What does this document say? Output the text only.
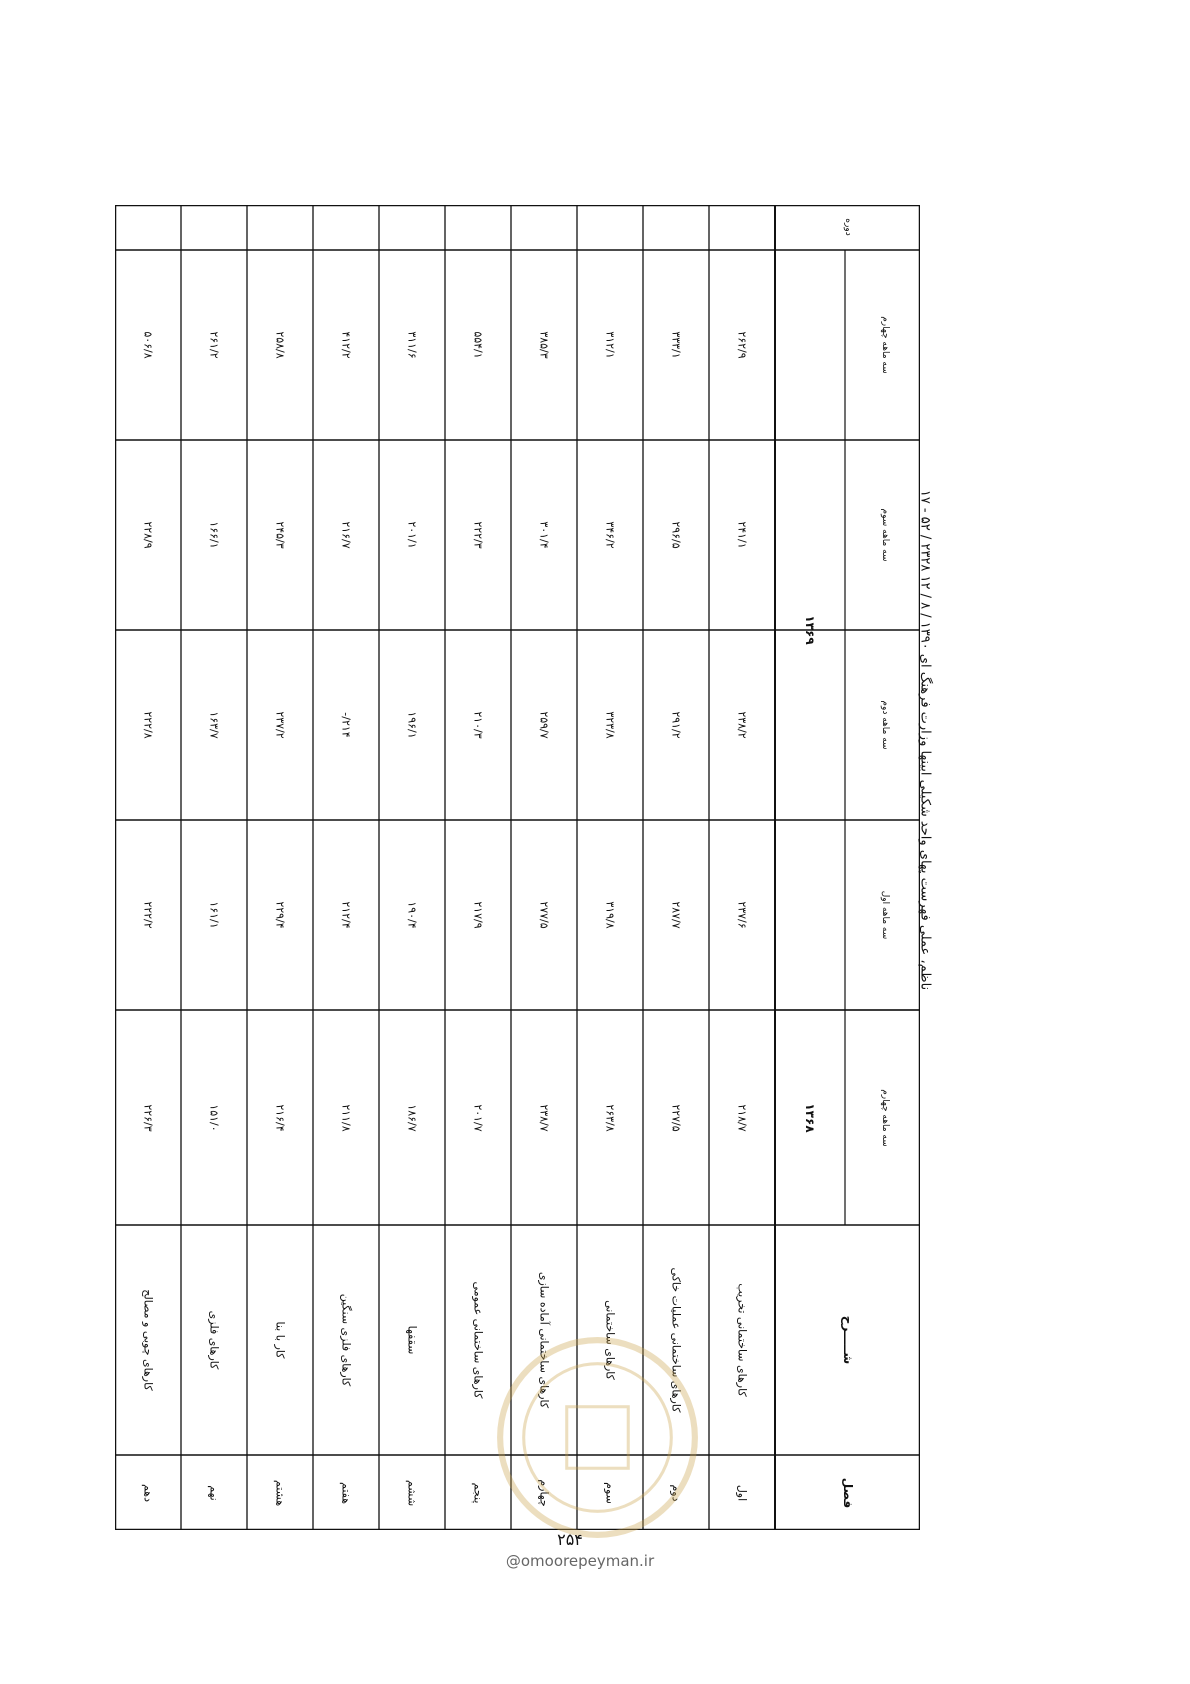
ناظم، عملی فهرست پهای واحد شکیلی ابینها وزارت فرهنگ ای ۱۳۹۰ / ۸ / ۱۲ ۲۳۲۸ / ۵۲ - ۱۷
فصل
شـــــرح
۱۳۶۸
۱۳۶۹
دوره
سه ماهه چهارم
سه ماهه اول
سه ماهه دوم
سه ماهه سوم
سه ماهه چهارم
اول
کارهای ساختمانی تخریب
۲۱۸/۷
۲۳۷/۶
۲۳۸/۲
۲۴۱/۱
۲۶۲/۹
دوم
کارهای ساختمانی عملیات خاکی
۲۲۷/۵
۲۸۷/۷
۲۹۱/۲
۲۹۶/۵
۳۳۳/۱
سوم
کارهای ساختمانی
۲۶۳/۸
۳۱۹/۸
۳۲۳/۸
۳۴۶/۲
۳۱۲/۱
چهارم
کارهای ساختمانی آماده سازی
۲۳۸/۷
۲۷۷/۵
۲۵۹/۷
۳۰۱/۴
۳۸۵/۳
پنجم
کارهای ساختمانی عمومی
۲۰۱/۷
۲۱۷/۹
۲۱۰/۳
۲۲۲/۳
۵۵۴/۱
ششم
سقفها
۱۸۶/۷
۱۹۰/۴
۱۹۶/۱
۲۰۱/۱
۳۱۱/۶
هفتم
کارهای فلزی سنگین
۲۱۱/۸
۲۱۲/۴
۲۱۴/-
۲۱۶/۷
۴۱۲/۲
هشتم
کار با بنا
۲۱۶/۴
۲۲۹/۴
۲۳۷/۲
۲۴۵/۳
۲۵۸/۸
نهم
کارهای فلزی
۱۵۱/۰
۱۶۱/۱
۱۶۳/۷
۱۶۶/۱
۲۶۱/۲
دهم
کارهای چوبی و مصالح
۲۲۶/۳
۲۲۲/۲
۲۲۲/۸
۲۲۸/۹
۵۰۶/۸
۲۵۴
@omoorepeyman.ir
